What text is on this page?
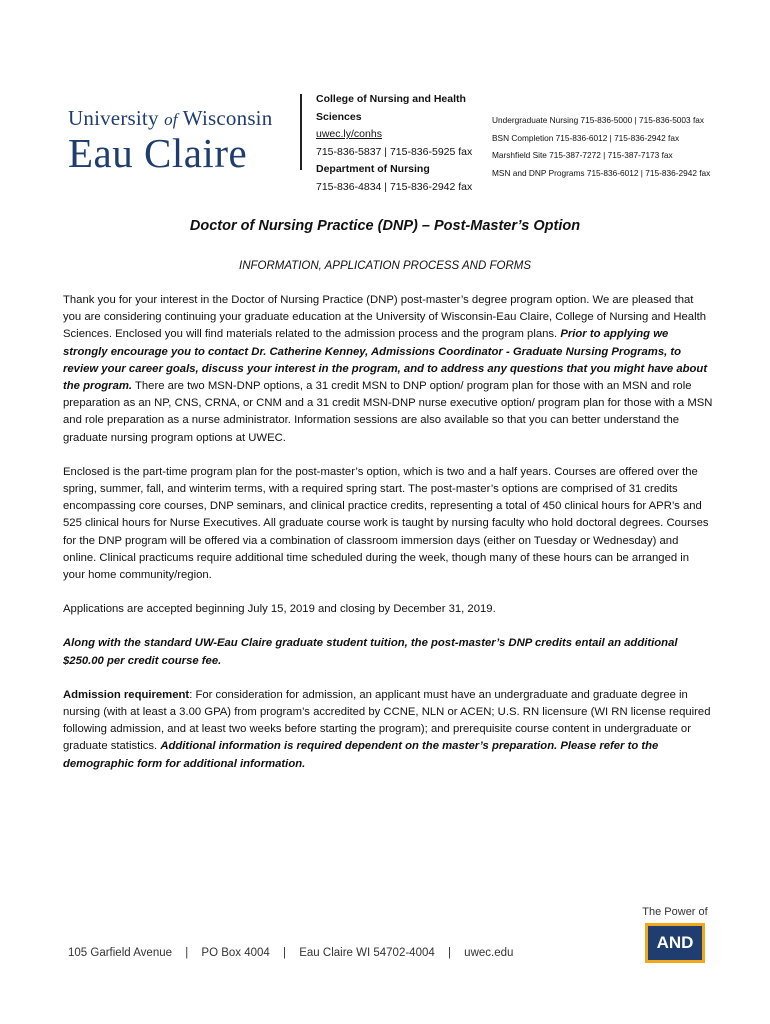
University of Wisconsin
Eau Claire
College of Nursing and Health Sciences
uwec.ly/conhs
715-836-5837 | 715-836-5925 fax
Department of Nursing
715-836-4834 | 715-836-2942 fax
Undergraduate Nursing 715-836-5000 | 715-836-5003 fax
BSN Completion 715-836-6012 | 715-836-2942 fax
Marshfield Site 715-387-7272 | 715-387-7173 fax
MSN and DNP Programs 715-836-6012 | 715-836-2942 fax
Doctor of Nursing Practice (DNP) – Post-Master’s Option
INFORMATION, APPLICATION PROCESS AND FORMS

Thank you for your interest in the Doctor of Nursing Practice (DNP) post-master’s degree program option. We are pleased that you are considering continuing your graduate education at the University of Wisconsin-Eau Claire, College of Nursing and Health Sciences. Enclosed you will find materials related to the admission process and the program plans. Prior to applying we strongly encourage you to contact Dr. Catherine Kenney, Admissions Coordinator - Graduate Nursing Programs, to review your career goals, discuss your interest in the program, and to address any questions that you might have about the program. There are two MSN-DNP options, a 31 credit MSN to DNP option/ program plan for those with an MSN and role preparation as an NP, CNS, CRNA, or CNM and a 31 credit MSN-DNP nurse executive option/ program plan for those with a MSN and role preparation as a nurse administrator. Information sessions are also available so that you can better understand the graduate nursing program options at UWEC.

Enclosed is the part-time program plan for the post-master’s option, which is two and a half years. Courses are offered over the spring, summer, fall, and winterim terms, with a required spring start. The post-master’s options are comprised of 31 credits encompassing core courses, DNP seminars, and clinical practice credits, representing a total of 450 clinical hours for APR’s and 525 clinical hours for Nurse Executives. All graduate course work is taught by nursing faculty who hold doctoral degrees. Courses for the DNP program will be offered via a combination of classroom immersion days (either on Tuesday or Wednesday) and online. Clinical practicums require additional time scheduled during the week, though many of these hours can be arranged in your home community/region.

Applications are accepted beginning July 15, 2019 and closing by December 31, 2019.

Along with the standard UW-Eau Claire graduate student tuition, the post-master’s DNP credits entail an additional $250.00 per credit course fee.

Admission requirement: For consideration for admission, an applicant must have an undergraduate and graduate degree in nursing (with at least a 3.00 GPA) from program’s accredited by CCNE, NLN or ACEN; U.S. RN licensure (WI RN license required following admission, and at least two weeks before starting the program); and prerequisite course content in undergraduate or graduate statistics. Additional information is required dependent on the master’s preparation. Please refer to the demographic form for additional information.

105 Garfield Avenue | PO Box 4004 | Eau Claire WI 54702-4004 | uwec.edu
The Power of
AND
